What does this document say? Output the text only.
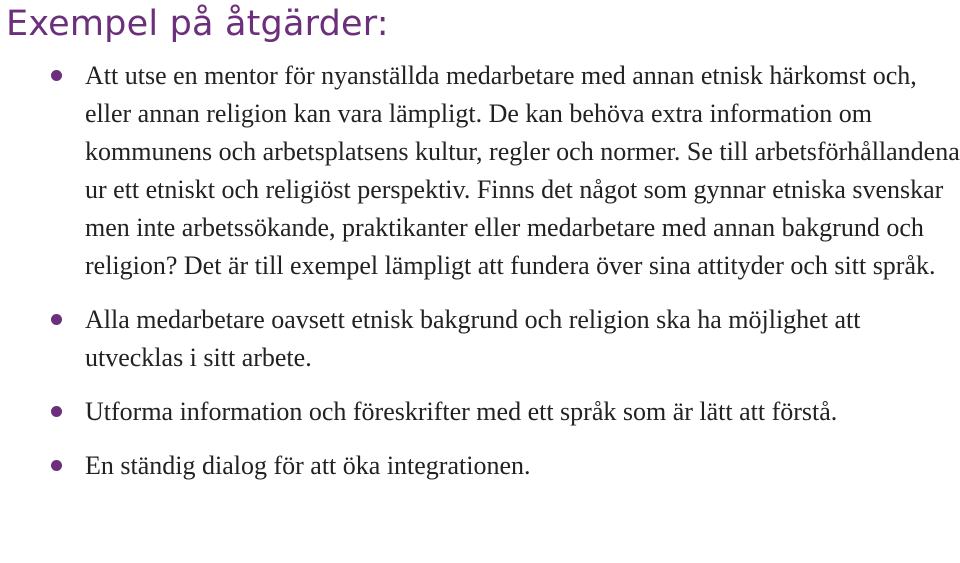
Exempel på åtgärder:
Att utse en mentor för nyanställda medarbetare med annan etnisk härkomst och, eller annan religion kan vara lämpligt. De kan behöva extra information om kommunens och arbetsplatsens kultur, regler och normer. Se till arbetsförhållandena ur ett etniskt och religiöst perspektiv. Finns det något som gynnar etniska svenskar men inte arbetssökande, praktikanter eller medarbetare med annan bakgrund och religion? Det är till exempel lämpligt att fundera över sina attityder och sitt språk.
Alla medarbetare oavsett etnisk bakgrund och religion ska ha möjlighet att utvecklas i sitt arbete.
Utforma information och föreskrifter med ett språk som är lätt att förstå.
En ständig dialog för att öka integrationen.
